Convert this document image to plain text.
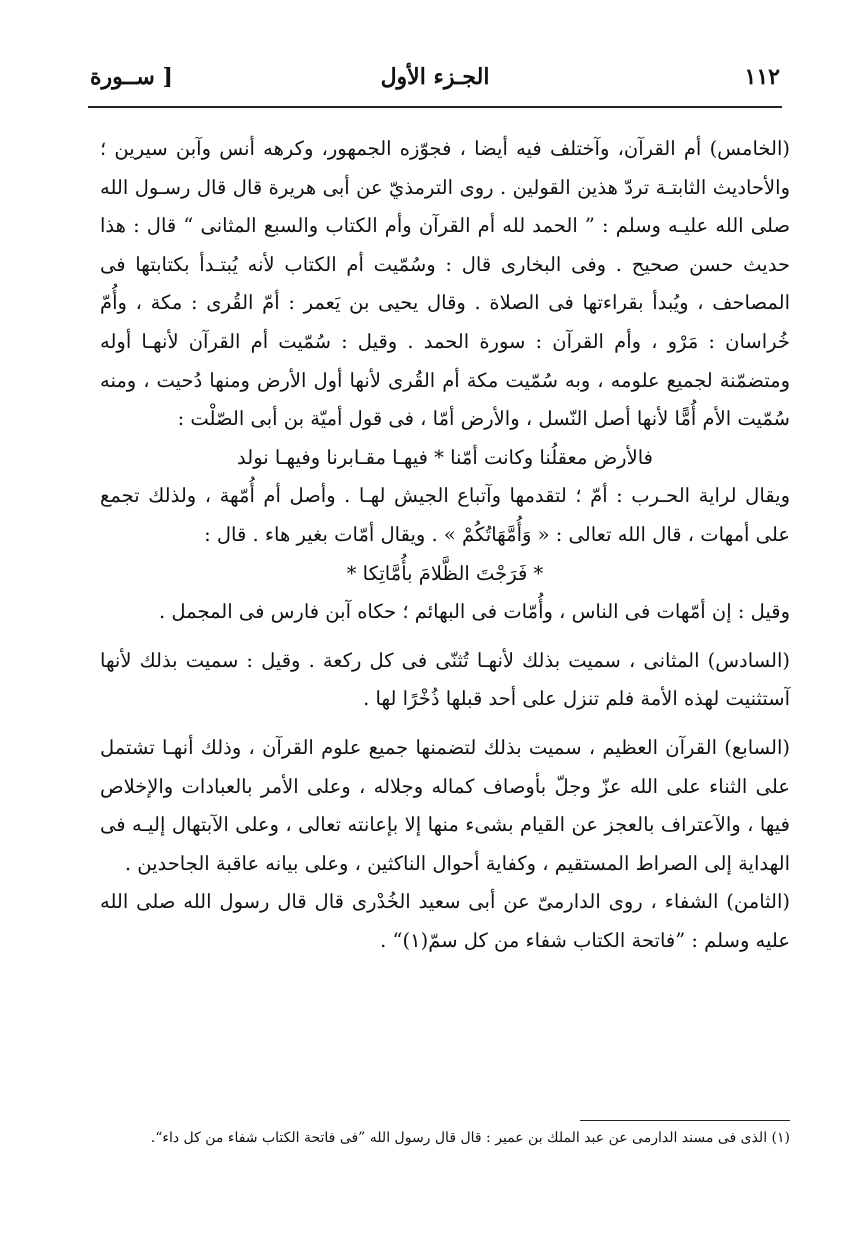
١١٢
الجـزء الأول
[ ســورة

(الخامس) أم القرآن، وآختلف فيه أيضا ، فجوّزه الجمهور، وكرهه أنس وآبن سيرين ؛ والأحاديث الثابتـة تردّ هذين القولين . روى الترمذيّ عن أبى هريرة قال قال رسـول الله صلى الله عليـه وسلم : ” الحمد لله أم القرآن وأم الكتاب والسبع المثانى “ قال : هذا حديث حسن صحيح . وفى البخارى قال : وسُمّيت أم الكتاب لأنه يُبتـدأ بكتابتها فى المصاحف ، ويُبدأ بقراءتها فى الصلاة . وقال يحيى بن يَعمر : أمّ القُرى : مكة ، وأُمّ خُراسان : مَرْو ، وأم القرآن : سورة الحمد . وقيل : سُمّيت أم القرآن لأنهـا أوله ومتضمّنة لجميع علومه ، وبه سُمّيت مكة أم القُرى لأنها أول الأرض ومنها دُحيت ، ومنه سُمّيت الأم أُمًّا لأنها أصل النّسل ، والأرض أمّا ، فى قول أميّة بن أبى الصّلْت :

فالأرض معقلُنا وكانت أمّنا * فيهـا مقـابرنا وفيهـا نولد

ويقال لراية الحـرب : أمّ ؛ لتقدمها وآتباع الجيش لهـا . وأصل أم أُمّهة ، ولذلك تجمع على أمهات ، قال الله تعالى : « وَأُمَّهَاتُكُمْ » . ويقال أمّات بغير هاء . قال :

* فَرَجْتَ الظَّلامَ بأُمَّاتِكا *

وقيل : إن أمّهات فى الناس ، وأُمّات فى البهائم ؛ حكاه آبن فارس فى المجمل .

(السادس) المثانى ، سميت بذلك لأنهـا تُثنّى فى كل ركعة . وقيل : سميت بذلك لأنها آستثنيت لهذه الأمة فلم تنزل على أحد قبلها ذُخْرًا لها .

(السابع) القرآن العظيم ، سميت بذلك لتضمنها جميع علوم القرآن ، وذلك أنهـا تشتمل على الثناء على الله عزّ وجلّ بأوصاف كماله وجلاله ، وعلى الأمر بالعبادات والإخلاص فيها ، والآعتراف بالعجز عن القيام بشىء منها إلا بإعانته تعالى ، وعلى الآبتهال إليـه فى الهداية إلى الصراط المستقيم ، وكفاية أحوال الناكثين ، وعلى بيانه عاقبة الجاحدين .

(الثامن) الشفاء ، روى الدارمىّ عن أبى سعيد الخُدْرى قال قال رسول الله صلى الله عليه وسلم : ”فاتحة الكتاب شفاء من كل سمّ(١)“ .

(١) الذى فى مسند الدارمى عن عبد الملك بن عمير : قال قال رسول الله ”فى فاتحة الكتاب شفاء من كل داء“.
